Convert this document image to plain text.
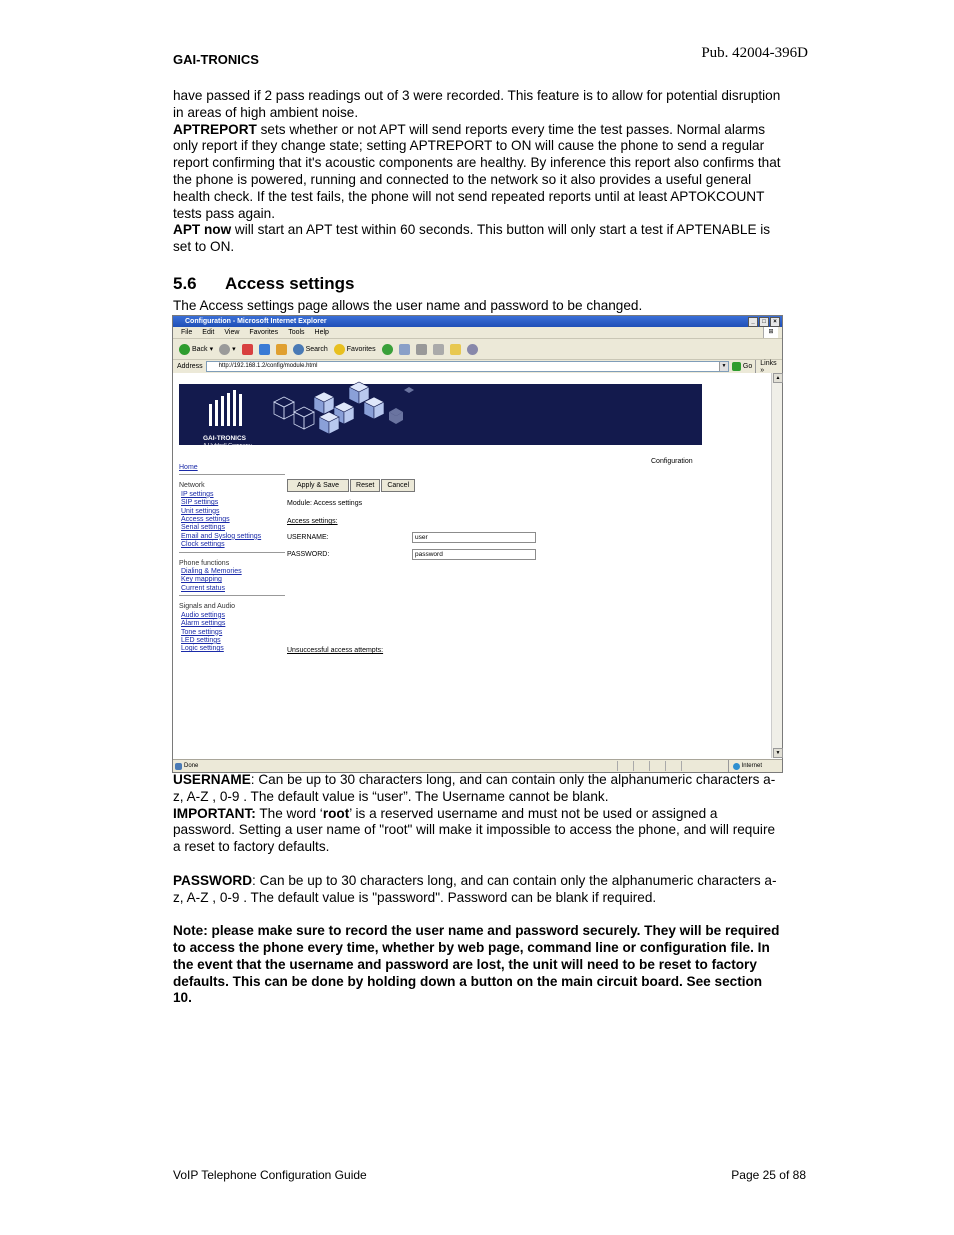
GAI-TRONICS	Pub. 42004-396D
have passed if 2 pass readings out of 3 were recorded. This feature is to allow for potential disruption in areas of high ambient noise.
APTREPORT sets whether or not APT will send reports every time the test passes. Normal alarms only report if they change state; setting APTREPORT to ON will cause the phone to send a regular report confirming that it's acoustic components are healthy. By inference this report also confirms that the phone is powered, running and connected to the network so it also provides a useful general health check. If the test fails, the phone will not send repeated reports until at least APTOKCOUNT tests pass again.
APT now will start an APT test within 60 seconds. This button will only start a test if APTENABLE is set to ON.
5.6 Access settings
The Access settings page allows the user name and password to be changed.
Configuration - Microsoft Internet Explorer	_	□	×
File Edit View Favorites Tools Help	⊞
Back ▾	▾	Search	Favorites
Address	http://192.168.1.2/config/module.html	▼ Go	Links »
GAI-TRONICS
A Hubbell Company
Configuration
Home
Network
IP settings
SIP settings
Unit settings
Access settings
Serial settings
Email and Syslog settings
Clock settings
Phone functions
Dialing & Memories
Key mapping
Current status
Signals and Audio
Audio settings
Alarm settings
Tone settings
LED settings
Logic settings
Apply & Save	Reset	Cancel
Module: Access settings
Access settings:
USERNAME:	user
PASSWORD:	password
Unsuccessful access attempts:
▲
▼
Done	Internet
USERNAME: Can be up to 30 characters long, and can contain only the alphanumeric characters a-z, A-Z , 0-9 . The default value is “user”. The Username cannot be blank.
IMPORTANT: The word ‘root’ is a reserved username and must not be used or assigned a password. Setting a user name of "root" will make it impossible to access the phone, and will require a reset to factory defaults.
PASSWORD: Can be up to 30 characters long, and can contain only the alphanumeric characters a-z, A-Z , 0-9 . The default value is "password". Password can be blank if required.
Note: please make sure to record the user name and password securely. They will be required to access the phone every time, whether by web page, command line or configuration file. In the event that the username and password are lost, the unit will need to be reset to factory defaults. This can be done by holding down a button on the main circuit board. See section 10.
VoIP Telephone Configuration Guide	Page 25 of 88
